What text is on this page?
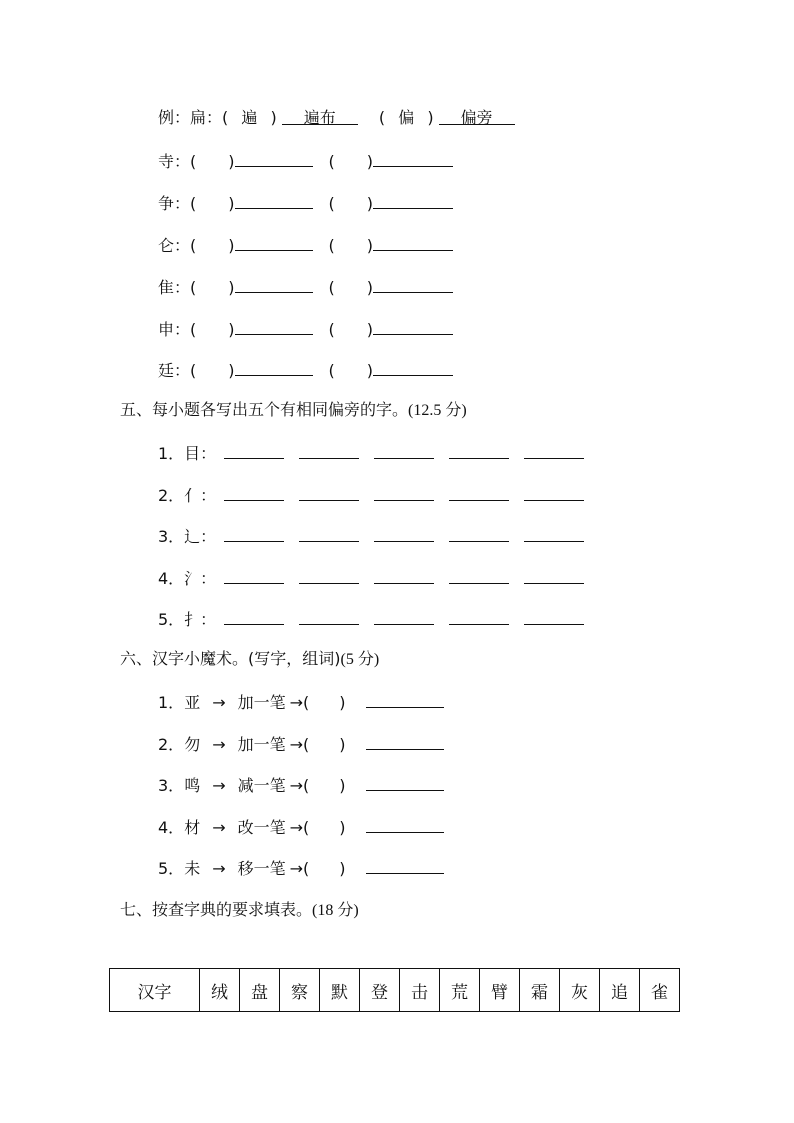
例：扁：( 遍 ) 遍布	( 偏 ) 偏旁
寺：( )	( )
争：( )	( )
仑：( )	( )
隹：( )	( )
申：( )	( )
廷：( )	( )
五、每小题各写出五个有相同偏旁的字。(12.5 分)
1．目：
2．亻：
3．辶：
4．氵：
5．扌：
六、汉字小魔术。(写字，组词)(5 分)
1．亚 → 加一笔 →( )
2．勿 → 加一笔 →( )
3．鸣 → 减一笔 →( )
4．材 → 改一笔 →( )
5．未 → 移一笔 →( )
七、按查字典的要求填表。(18 分)
汉字	绒	盘	察	默	登	击	荒	臂	霜	灰	追	雀
